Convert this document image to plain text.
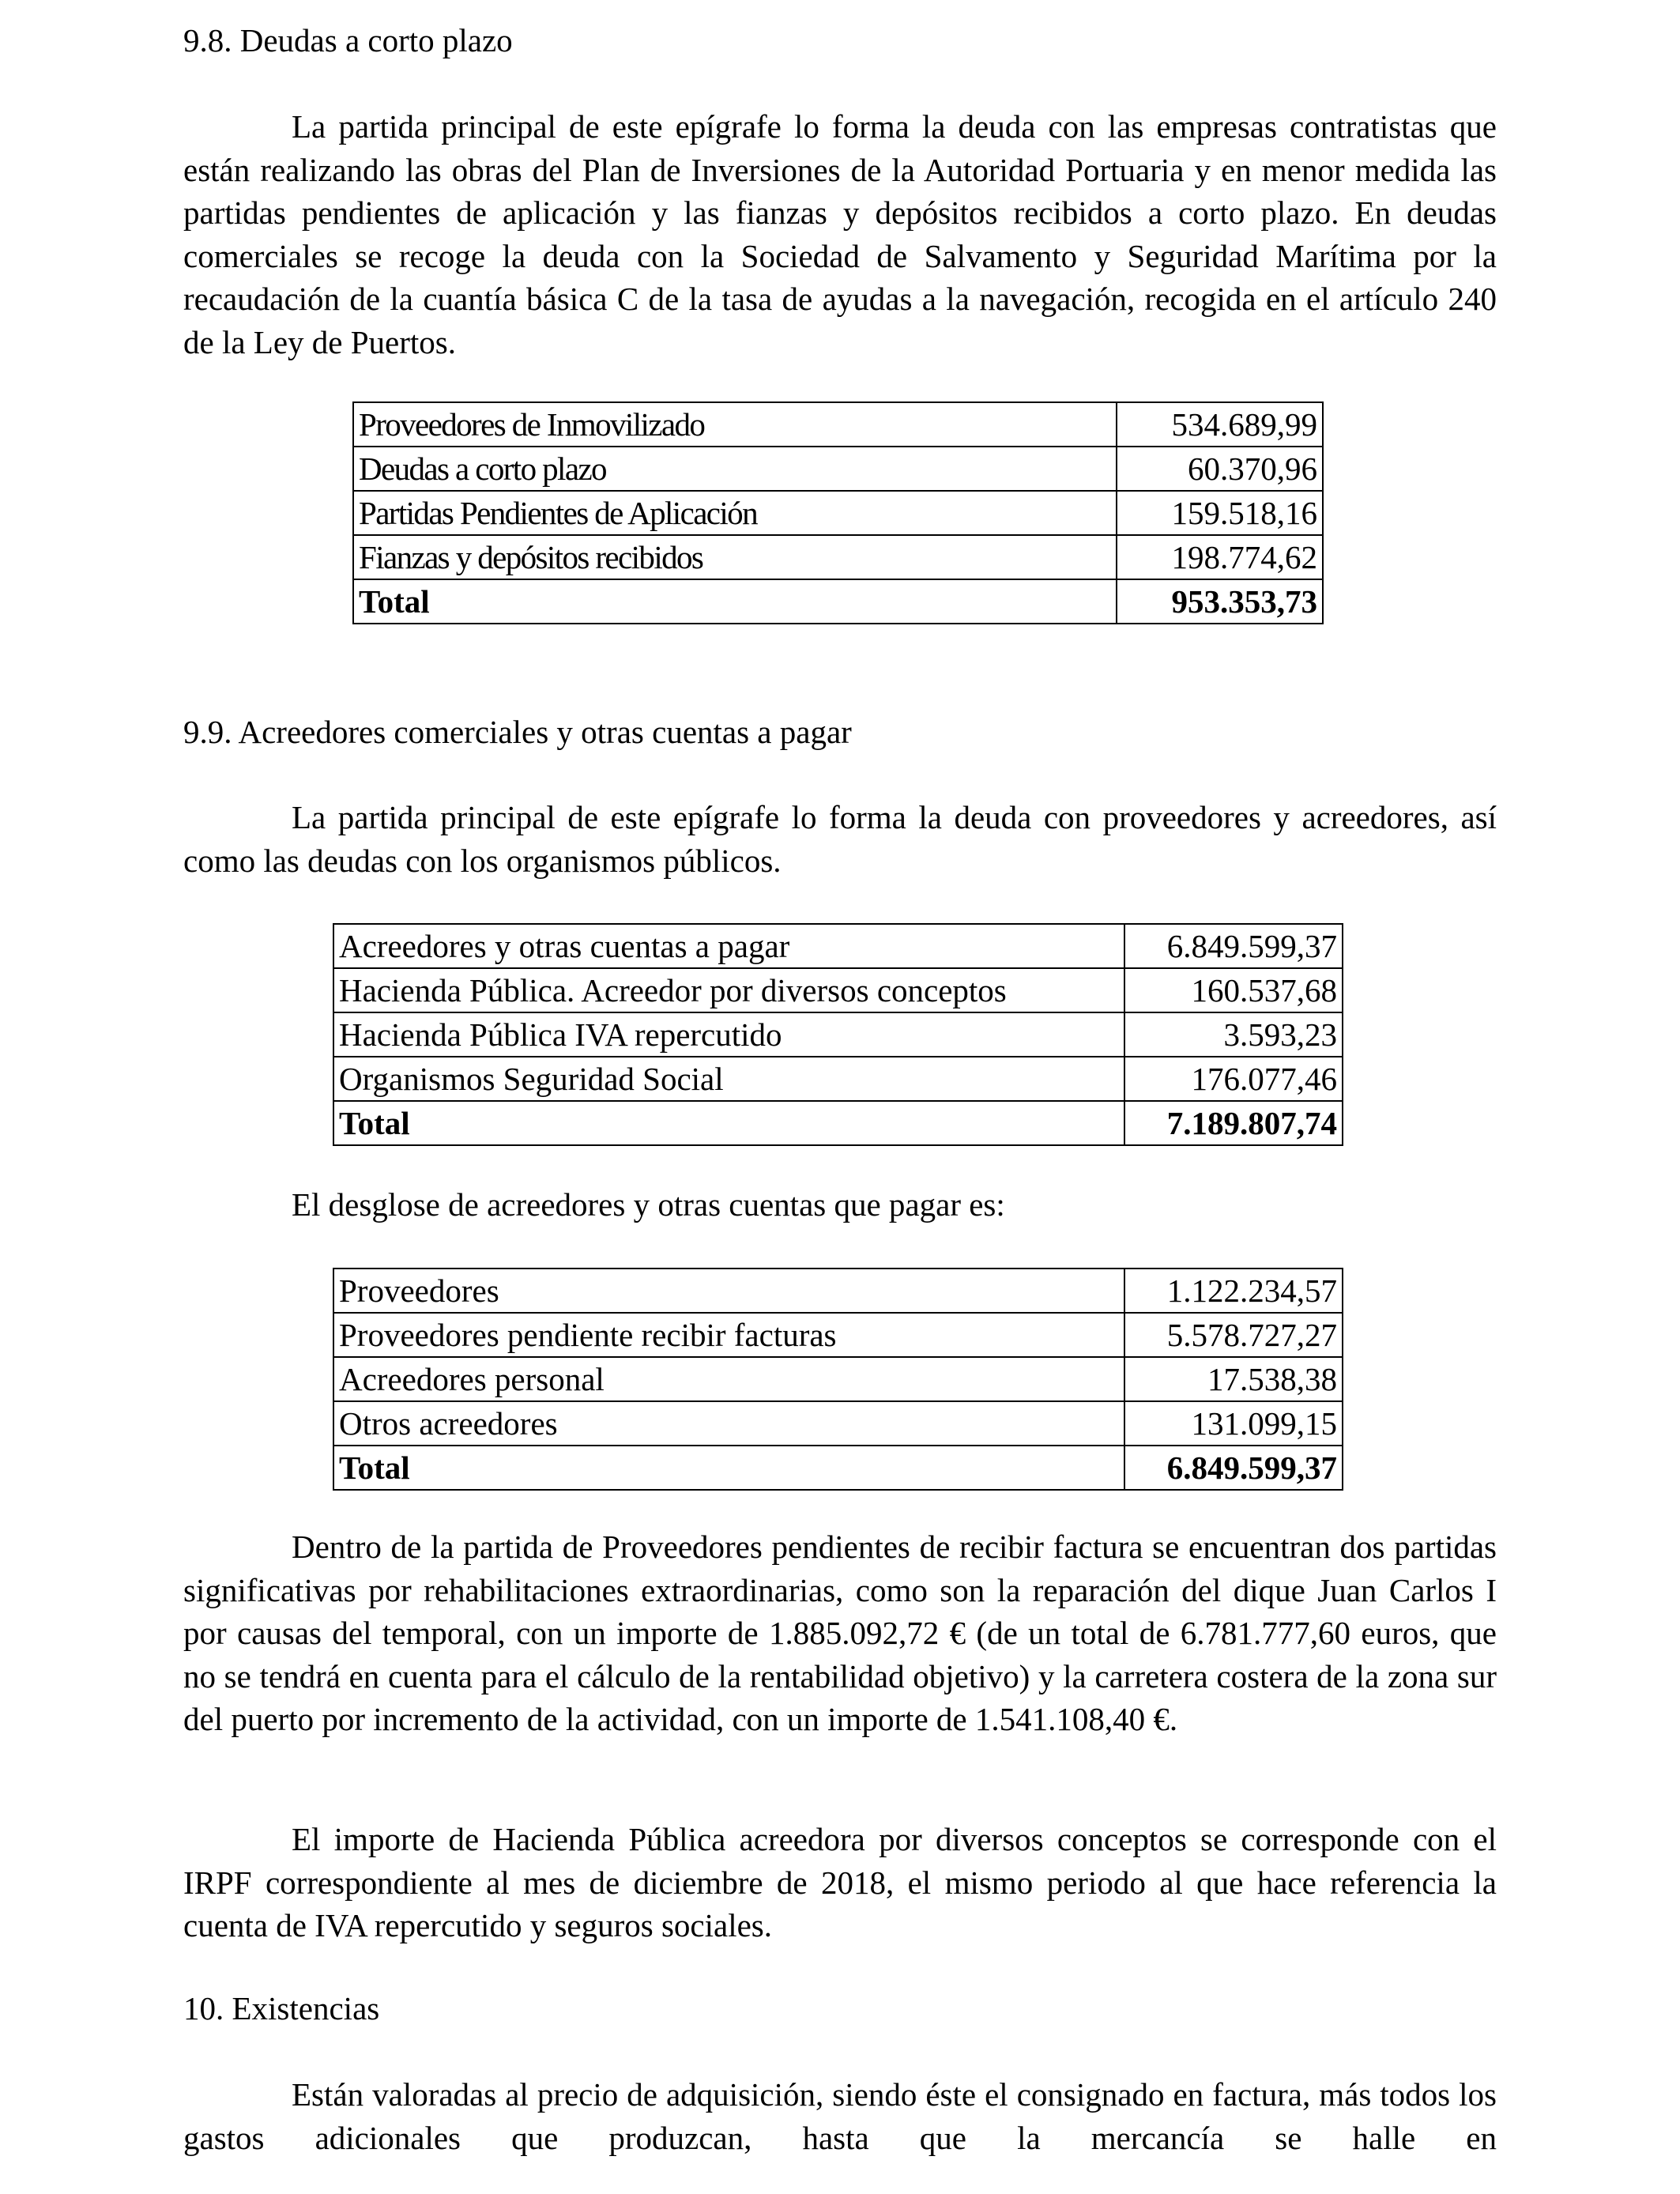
9.8. Deudas a corto plazo

La partida principal de este epígrafe lo forma la deuda con las empresas contratistas que están realizando las obras del Plan de Inversiones de la Autoridad Portuaria y en menor medida las partidas pendientes de aplicación y las fianzas y depósitos recibidos a corto plazo. En deudas comerciales se recoge la deuda con la Sociedad de Salvamento y Seguridad Marítima por la recaudación de la cuantía básica C de la tasa de ayudas a la navegación, recogida en el artículo 240 de la Ley de Puertos.

Proveedores de Inmovilizado	534.689,99
Deudas a corto plazo	60.370,96
Partidas Pendientes de Aplicación	159.518,16
Fianzas y depósitos recibidos	198.774,62
Total	953.353,73

9.9. Acreedores comerciales y otras cuentas a pagar

La partida principal de este epígrafe lo forma la deuda con proveedores y acreedores, así como las deudas con los organismos públicos.

Acreedores y otras cuentas a pagar	6.849.599,37
Hacienda Pública. Acreedor por diversos conceptos	160.537,68
Hacienda Pública IVA repercutido	3.593,23
Organismos Seguridad Social	176.077,46
Total	7.189.807,74

El desglose de acreedores y otras cuentas que pagar es:

Proveedores	1.122.234,57
Proveedores pendiente recibir facturas	5.578.727,27
Acreedores personal	17.538,38
Otros acreedores	131.099,15
Total	6.849.599,37

Dentro de la partida de Proveedores pendientes de recibir factura se encuentran dos partidas significativas por rehabilitaciones extraordinarias, como son la reparación del dique Juan Carlos I por causas del temporal, con un importe de 1.885.092,72 € (de un total de 6.781.777,60 euros, que no se tendrá en cuenta para el cálculo de la rentabilidad objetivo) y la carretera costera de la zona sur del puerto por incremento de la actividad, con un importe de 1.541.108,40 €.

El importe de Hacienda Pública acreedora por diversos conceptos se corresponde con el IRPF correspondiente al mes de diciembre de 2018, el mismo periodo al que hace referencia la cuenta de IVA repercutido y seguros sociales.

10. Existencias

Están valoradas al precio de adquisición, siendo éste el consignado en factura, más todos los gastos adicionales que produzcan, hasta que la mercancía se halle en
